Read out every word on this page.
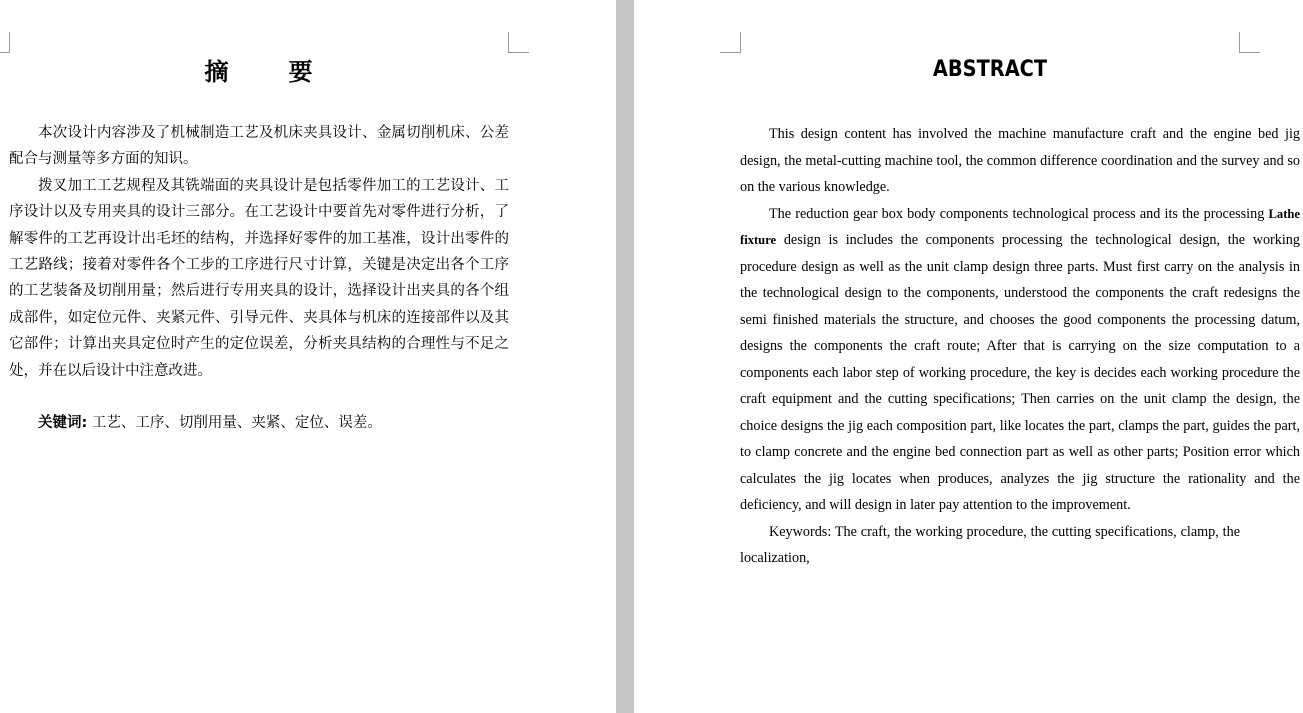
摘　要

本次设计内容涉及了机械制造工艺及机床夹具设计、金属切削机床、公差配合与测量等多方面的知识。

拨叉加工工艺规程及其铣端面的夹具设计是包括零件加工的工艺设计、工序设计以及专用夹具的设计三部分。在工艺设计中要首先对零件进行分析，了解零件的工艺再设计出毛坯的结构，并选择好零件的加工基准，设计出零件的工艺路线；接着对零件各个工步的工序进行尺寸计算，关键是决定出各个工序的工艺装备及切削用量；然后进行专用夹具的设计，选择设计出夹具的各个组成部件，如定位元件、夹紧元件、引导元件、夹具体与机床的连接部件以及其它部件；计算出夹具定位时产生的定位误差，分析夹具结构的合理性与不足之处，并在以后设计中注意改进。

关键词: 工艺、工序、切削用量、夹紧、定位、误差。

ABSTRACT

This design content has involved the machine manufacture craft and the engine bed jig design, the metal-cutting machine tool, the common difference coordination and the survey and so on the various knowledge.

The reduction gear box body components technological process and its the processing Lathe fixture design is includes the components processing the technological design, the working procedure design as well as the unit clamp design three parts. Must first carry on the analysis in the technological design to the components, understood the components the craft redesigns the semi finished materials the structure, and chooses the good components the processing datum, designs the components the craft route; After that is carrying on the size computation to a components each labor step of working procedure, the key is decides each working procedure the craft equipment and the cutting specifications; Then carries on the unit clamp the design, the choice designs the jig each composition part, like locates the part, clamps the part, guides the part, to clamp concrete and the engine bed connection part as well as other parts; Position error which calculates the jig locates when produces, analyzes the jig structure the rationality and the deficiency, and will design in later pay attention to the improvement.

Keywords: The craft, the working procedure, the cutting specifications, clamp, the localization,
